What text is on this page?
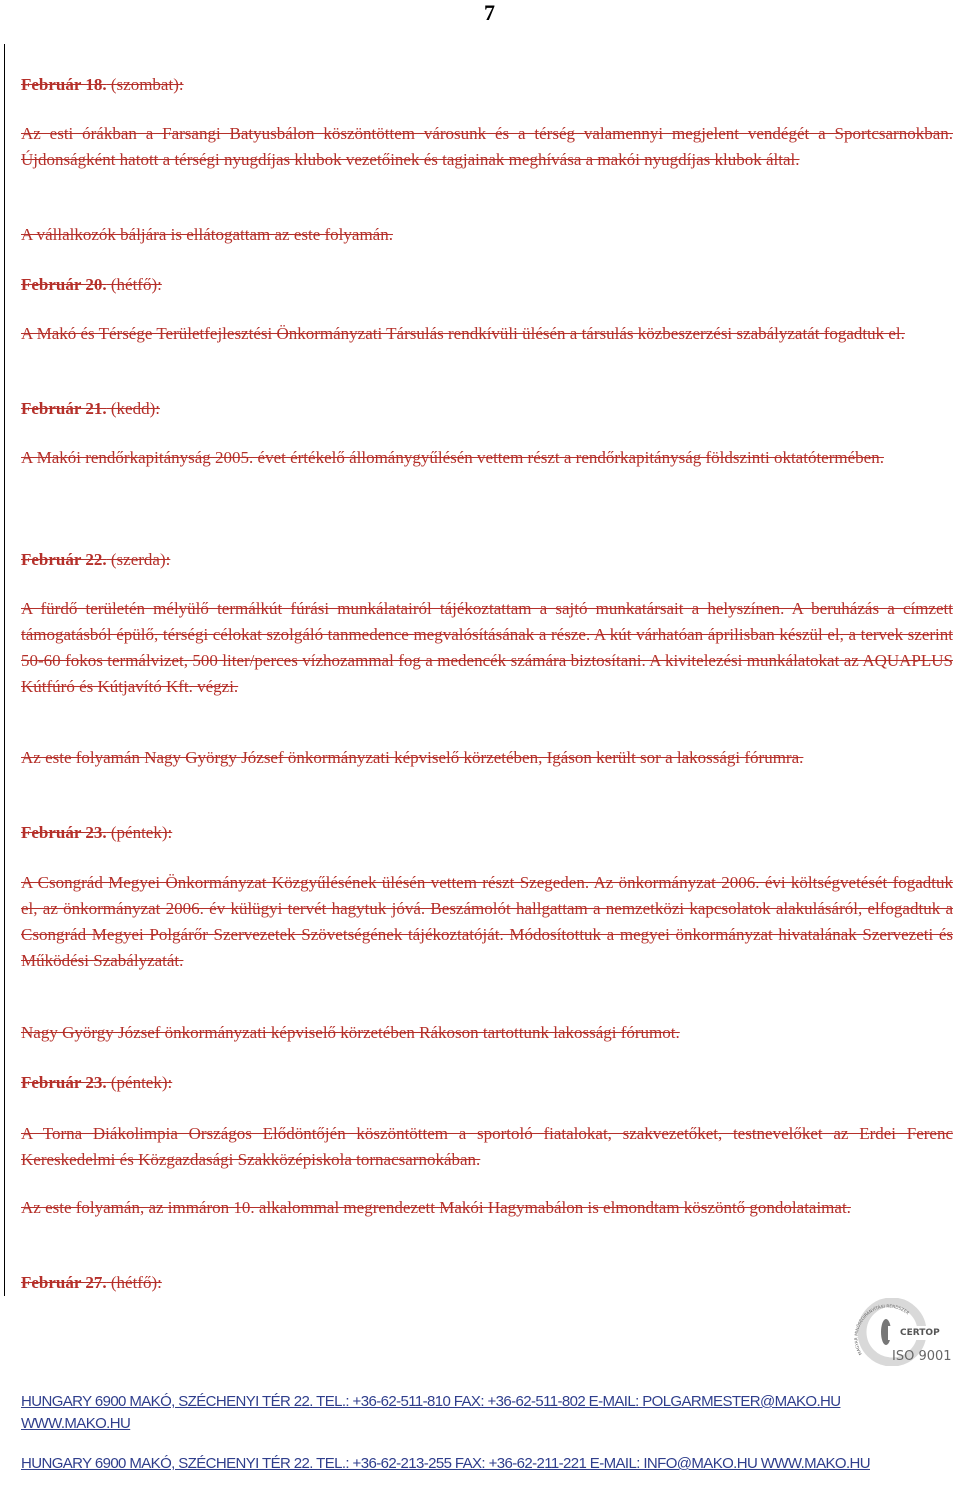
7
Február 18. (szombat):

Az esti órákban a Farsangi Batyusbálon köszöntöttem városunk és a térség valamennyi megjelent vendégét a Sportcsarnokban. Újdonságként hatott a térségi nyugdíjas klubok vezetőinek és tagjainak meghívása a makói nyugdíjas klubok által.

A vállalkozók báljára is ellátogattam az este folyamán.

Február 20. (hétfő):

A Makó és Térsége Területfejlesztési Önkormányzati Társulás rendkívüli ülésén a társulás közbeszerzési szabályzatát fogadtuk el.

Február 21. (kedd):

A Makói rendőrkapitányság 2005. évet értékelő állománygyűlésén vettem részt a rendőrkapitányság földszinti oktatótermében.

Február 22. (szerda):

A fürdő területén mélyülő termálkút fúrási munkálatairól tájékoztattam a sajtó munkatársait a helyszínen. A beruházás a címzett támogatásból épülő, térségi célokat szolgáló tanmedence megvalósításának a része. A kút várhatóan áprilisban készül el, a tervek szerint 50-60 fokos termálvizet, 500 liter/perces vízhozammal fog a medencék számára biztosítani. A kivitelezési munkálatokat az AQUAPLUS Kútfúró és Kútjavító Kft. végzi.

Az este folyamán Nagy György József önkormányzati képviselő körzetében, Igáson került sor a lakossági fórumra.

Február 23. (péntek):

A Csongrád Megyei Önkormányzat Közgyűlésének ülésén vettem részt Szegeden. Az önkormányzat 2006. évi költségvetését fogadtuk el, az önkormányzat 2006. év külügyi tervét hagytuk jóvá. Beszámolót hallgattam a nemzetközi kapcsolatok alakulásáról, elfogadtuk a Csongrád Megyei Polgárőr Szervezetek Szövetségének tájékoztatóját. Módosítottuk a megyei önkormányzat hivatalának Szervezeti és Működési Szabályzatát.

Nagy György József önkormányzati képviselő körzetében Rákoson tartottunk lakossági fórumot.

Február 23. (péntek):

A Torna Diákolimpia Országos Elődöntőjén köszöntöttem a sportoló fiatalokat, szakvezetőket, testnevelőket az Erdei Ferenc Kereskedelmi és Közgazdasági Szakközépiskola tornacsarnokában.

Az este folyamán, az immáron 10. alkalommal megrendezett Makói Hagymabálon is elmondtam köszöntő gondolataimat.

Február 27. (hétfő):
MAGYAR MINŐSÉGIRÁNYÍTÁSI RENDSZER
CERTOP
ISO 9001
HUNGARY 6900 MAKÓ, SZÉCHENYI TÉR 22. TEL.: +36-62-511-810 FAX: +36-62-511-802 E-MAIL: POLGARMESTER@MAKO.HU
WWW.MAKO.HU
HUNGARY 6900 MAKÓ, SZÉCHENYI TÉR 22. TEL.: +36-62-213-255 FAX: +36-62-211-221 E-MAIL: INFO@MAKO.HU WWW.MAKO.HU
